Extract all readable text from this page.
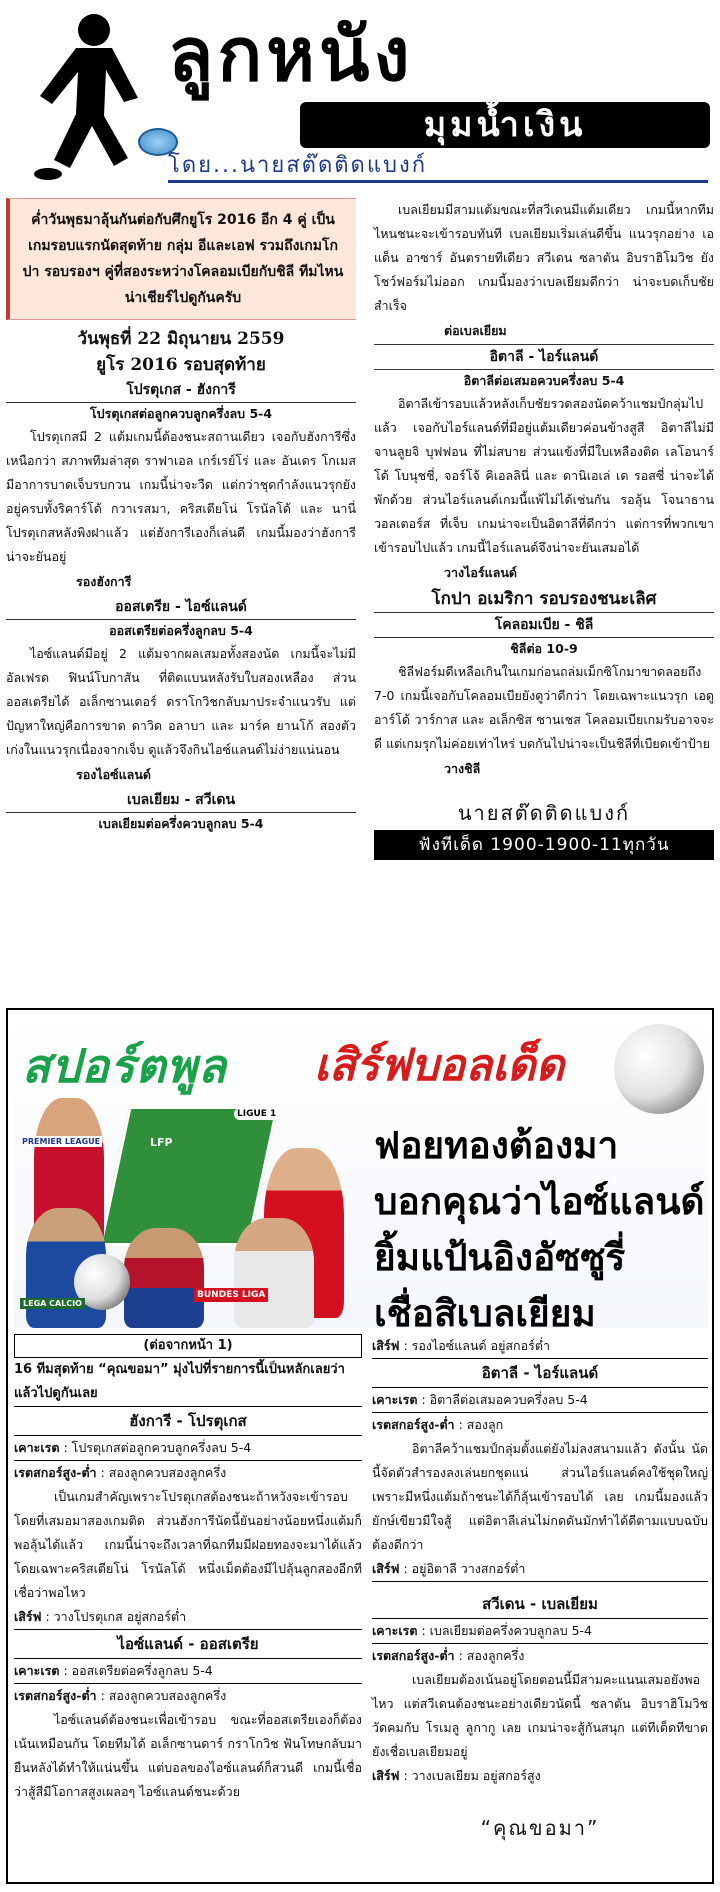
ลูกหนัง
มุมน้ำเงิน
โดย...นายสต๊ดติดแบงก์
ค่ำวันพุธมาลุ้นกันต่อกับศึกยูโร 2016 อีก 4 คู่ เป็นเกมรอบแรกนัดสุดท้าย กลุ่ม อีและเอฟ รวมถึงเกมโกปา รอบรองฯ คู่ที่สองระหว่างโคลอมเบียกับชิลี ทีมไหนน่าเชียร์ไปดูกันครับ
วันพุธที่ 22 มิถุนายน 2559
ยูโร 2016 รอบสุดท้าย
โปรตุเกส - ฮังการี
โปรตุเกสต่อลูกควบลูกครึ่งลบ 5-4
โปรตุเกสมี 2 แต้มเกมนี้ต้องชนะสถานเดียว เจอกับฮังการีซึ่งเหนือกว่า สภาพทีมล่าสุด ราฟาเอล เกร์เรย์โร่ และ อันเดร โกเมส มีอาการบาดเจ็บรบกวน เกมนี้น่าจะวืด แต่กว่าชุดกำลังแนวรุกยังอยู่ครบทั้งริคาร์โด้ กวาเรสมา, คริสเตียโน่ โรนัลโด้ และ นานี่ โปรตุเกสหลังพิงฝาแล้ว แต่ฮังการีเองก็เล่นดี เกมนี้มองว่าฮังการีน่าจะยันอยู่
รองฮังการี
ออสเตรีย - ไอซ์แลนด์
ออสเตรียต่อครึ่งลูกลบ 5-4
ไอซ์แลนด์มีอยู่ 2 แต้มจากผลเสมอทั้งสองนัด เกมนี้จะไม่มี อัลเฟรด ฟินน์โบกาสัน ที่ติดแบนหลังรับใบสองเหลือง ส่วนออสเตรียได้ อเล็กซานเดอร์ ดราโกวิชกลับมาประจำแนวรับ แต่ปัญหาใหญ่คือการขาด ดาวิด อลาบา และ มาร์ค ยานโก้ สองตัวเก่งในแนวรุกเนื่องจากเจ็บ ดูแล้วจึงกินไอซ์แลนด์ไม่ง่ายแน่นอน
รองไอซ์แลนด์
เบลเยียม - สวีเดน
เบลเยียมต่อครึ่งควบลูกลบ 5-4
เบลเยียมมีสามแต้มขณะที่สวีเดนมีแต้มเดียว เกมนี้หากทีมไหนชนะจะเข้ารอบทันที เบลเยียมเริ่มเล่นดีขึ้น แนวรุกอย่าง เอแด็น อาซาร์ อันตรายทีเดียว สวีเดน ซลาตัน อิบราฮิโมวิช ยังโชว์ฟอร์มไม่ออก เกมนี้มองว่าเบลเยียมดีกว่า น่าจะบดเก็บชัยสำเร็จ
ต่อเบลเยียม
อิตาลี - ไอร์แลนด์
อิตาลีต่อเสมอควบครึ่งลบ 5-4
อิตาลีเข้ารอบแล้วหลังเก็บชัยรวดสองนัดคว้าแชมป์กลุ่มไปแล้ว เจอกับไอร์แลนด์ที่มีอยู่แต้มเดียวค่อนข้างสูสี อิตาลีไม่มี จานลูยจิ บุฟฟอน ที่ไม่สบาย ส่วนแข้งที่มีใบเหลืองติด เลโอนาร์โด้ โบนุชชี่, จอร์โจ้ คิเอลลินี่ และ ดานิเอเล่ เด รอสซี่ น่าจะได้พักด้วย ส่วนไอร์แลนด์เกมนี้แพ้ไม่ได้เช่นกัน รอลุ้น โจนาธาน วอลเตอร์ส ที่เจ็บ เกมน่าจะเป็นอิตาลีที่ดีกว่า แต่การที่พวกเขาเข้ารอบไปแล้ว เกมนี้ไอร์แลนด์จึงน่าจะยันเสมอได้
วางไอร์แลนด์
โกปา อเมริกา รอบรองชนะเลิศ
โคลอมเบีย - ชิลี
ชิลีต่อ 10-9
ชิลีฟอร์มดีเหลือเกินในเกมก่อนถล่มเม็กซิโกมาขาดลอยถึง 7-0 เกมนี้เจอกับโคลอมเบียยังดูว่าดีกว่า โดยเฉพาะแนวรุก เอดูอาร์โด้ วาร์กาส และ อเล็กซิส ซานเชส โคลอมเบียเกมรับอาจจะดี แต่เกมรุกไม่ค่อยเท่าไหร่ บดกันไปน่าจะเป็นชิลีที่เบียดเข้าป้าย
วางชิลี
นายสต๊ดติดแบงก์
ฟังทีเด็ด 1900-1900-11ทุกวัน
สปอร์ตพูล เสิร์ฟบอลเด็ด
LFP
PREMIER LEAGUE
LIGUE 1
LEGA CALCIO
BUNDES LIGA
ฟอยทองต้องมา
บอกคุณว่าไอซ์แลนด์
ยิ้มแป้นอิงอัซซูรี่
เชื่อสิเบลเยียม
(ต่อจากหน้า 1)
16 ทีมสุดท้าย “คุณขอมา” มุ่งไปที่รายการนี้เป็นหลักเลยว่าแล้วไปดูกันเลย
ฮังการี - โปรตุเกส
เคาะเรต : โปรตุเกสต่อลูกควบลูกครึ่งลบ 5-4
เรตสกอร์สูง-ต่ำ : สองลูกควบสองลูกครึ่ง
เป็นเกมสำคัญเพราะโปรตุเกสต้องชนะถ้าหวังจะเข้ารอบ โดยที่เสมอมาสองเกมติด ส่วนฮังการีนัดนี้ยันอย่างน้อยหนึ่งแต้มก็พอลุ้นได้แล้ว เกมนี้น่าจะถึงเวลาที่ฉกทีมมีฝอยทองจะมาได้แล้ว โดยเฉพาะคริสเตียโน่ โรนัลโด้ หนึ่งเม็ดต้องมีไปลุ้นลูกสองอีกที เชื่อว่าพอไหว
เสิร์ฟ : วางโปรตุเกส อยู่สกอร์ต่ำ
ไอซ์แลนด์ - ออสเตรีย
เคาะเรต : ออสเตรียต่อครึ่งลูกลบ 5-4
เรตสกอร์สูง-ต่ำ : สองลูกควบสองลูกครึ่ง
ไอซ์แลนด์ต้องชนะเพื่อเข้ารอบ ขณะที่ออสเตรียเองก็ต้องเน้นเหมือนกัน โดยทีมได้ อเล็กซานดาร์ กราโกวิช ฟันโทษกลับมายืนหลังได้ทำให้แน่นขึ้น แต่บอลของไอซ์แลนด์ก็สวนดี เกมนี้เชื่อว่าสู้สีมีโอกาสสูงเผลอๆ ไอซ์แลนด์ชนะด้วย
เสิร์ฟ : รองไอซ์แลนด์ อยู่สกอร์ต่ำ
อิตาลี - ไอร์แลนด์
เคาะเรต : อิตาลีต่อเสมอควบครึ่งลบ 5-4
เรตสกอร์สูง-ต่ำ : สองลูก
อิตาลีคว้าแชมป์กลุ่มตั้งแต่ยังไม่ลงสนามแล้ว ดังนั้น นัดนี้จัดตัวสำรองลงเล่นยกชุดแน่ ส่วนไอร์แลนด์คงใช้ชุดใหญ่ เพราะมีหนึ่งแต้มถ้าชนะได้ก็ลุ้นเข้ารอบได้ เลย เกมนี้มองแล้วยักษ์เขียวมีใจสู้ แต่อิตาลีเล่นไม่กดดันมักทำได้ดีตามแบบฉบับต้องดีกว่า
เสิร์ฟ : อยู่อิตาลี วางสกอร์ต่ำ
สวีเดน - เบลเยียม
เคาะเรต : เบลเยียมต่อครึ่งควบลูกลบ 5-4
เรตสกอร์สูง-ต่ำ : สองลูกครึ่ง
เบลเยียมต้องเน้นอยู่โดยตอนนี้มีสามคะแนนเสมอยังพอไหว แต่สวีเดนต้องชนะอย่างเดียวนัดนี้ ซลาตัน อิบราฮิโมวิช วัดคมกับ โรเมลู ลูกากู เลย เกมน่าจะสู้กันสนุก แต่ทีเด็ดทีขาดยังเชื่อเบลเยียมอยู่
เสิร์ฟ : วางเบลเยียม อยู่สกอร์สูง
“คุณขอมา”
